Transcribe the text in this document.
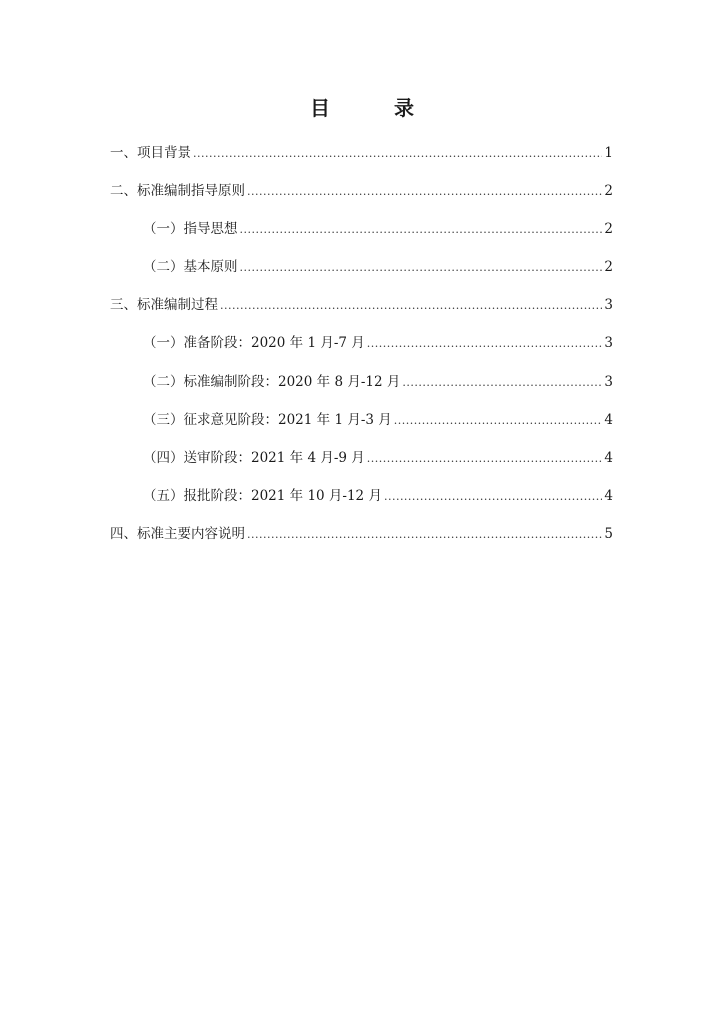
目　录
一、项目背景 .....	1
二、标准编制指导原则 .....	2
（一）指导思想 .....	2
（二）基本原则 .....	2
三、标准编制过程 .....	3
（一）准备阶段：2020 年 1 月-7 月 .....	3
（二）标准编制阶段：2020 年 8 月-12 月 .....	3
（三）征求意见阶段：2021 年 1 月-3 月 .....	4
（四）送审阶段：2021 年 4 月-9 月 .....	4
（五）报批阶段：2021 年 10 月-12 月 .....	4
四、标准主要内容说明 .....	5
